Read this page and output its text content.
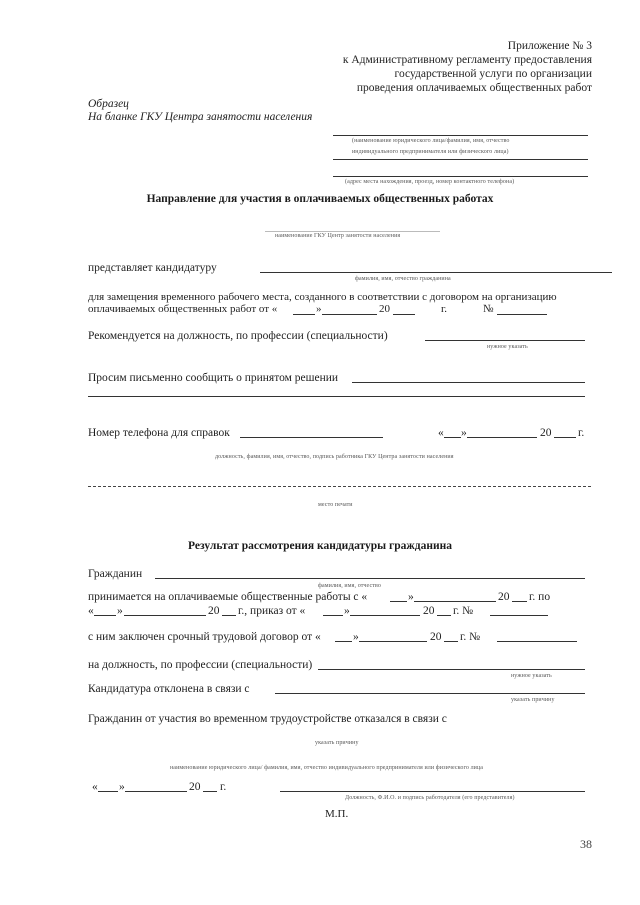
Приложение № 3
к Административному регламенту предоставления
государственной услуги по организации
проведения оплачиваемых общественных работ
Образец
На бланке ГКУ Центра занятости населения
(наименование юридического лица/фамилия, имя, отчество
индивидуального предпринимателя или физического лица)
(адрес места нахождения, проезд, номер контактного телефона)
Направление для участия в оплачиваемых общественных работах
наименование ГКУ Центр занятости населения
представляет кандидатуру
фамилия, имя, отчество гражданина
для замещения временного рабочего места, созданного в соответствии с договором на организацию
оплачиваемых общественных работ от «	»	20	г.	№
Рекомендуется на должность, по профессии (специальности)
нужное указать
Просим письменно сообщить о принятом решении
Номер телефона для справок	« »	20 г.
должность, фамилия, имя, отчество, подпись работника ГКУ Центра занятости населения
место печати
Результат рассмотрения кандидатуры гражданина
Гражданин
фамилия, имя, отчество
принимается на оплачиваемые общественные работы с «	»	20 г. по
« »	20 г., приказ от «	»	20 г. №
с ним заключен срочный трудовой договор от «	»	20 г. №
на должность, по профессии (специальности)
нужное указать
Кандидатура отклонена в связи с
указать причину
Гражданин от участия во временном трудоустройстве отказался в связи с
указать причину
наименование юридического лица/ фамилия, имя, отчество индивидуального предпринимателя или физического лица
« »	20 г.
Должность, Ф.И.О. и подпись работодателя (его представителя)
М.П.
38
